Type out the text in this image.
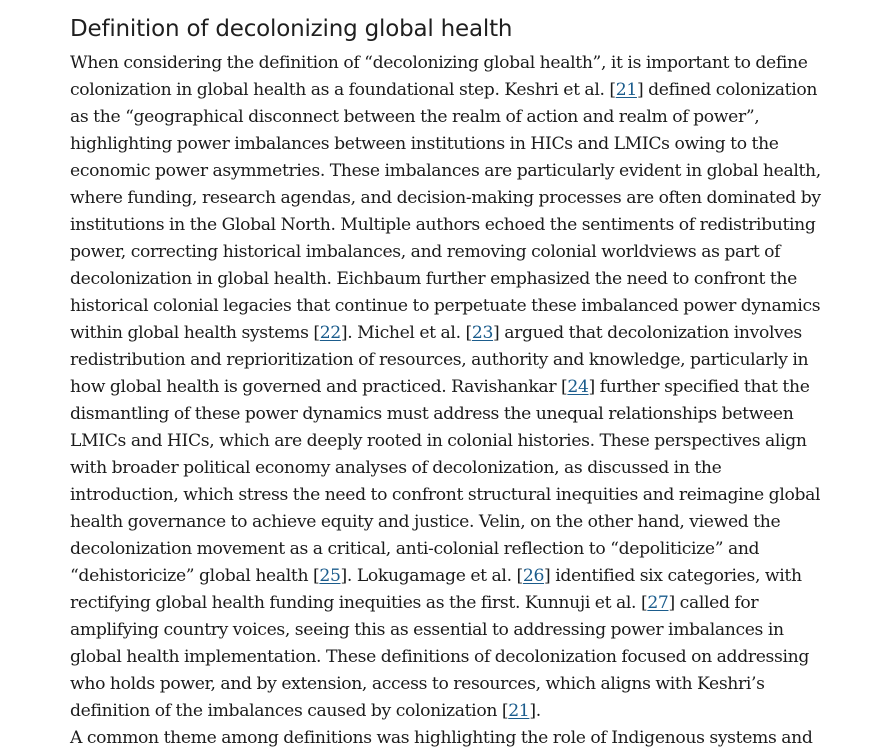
Definition of decolonizing global health

When considering the definition of “decolonizing global health”, it is important to define colonization in global health as a foundational step. Keshri et al. [21] defined colonization as the “geographical disconnect between the realm of action and realm of power”, highlighting power imbalances between institutions in HICs and LMICs owing to the economic power asymmetries. These imbalances are particularly evident in global health, where funding, research agendas, and decision-making processes are often dominated by institutions in the Global North. Multiple authors echoed the sentiments of redistributing power, correcting historical imbalances, and removing colonial worldviews as part of decolonization in global health. Eichbaum further emphasized the need to confront the historical colonial legacies that continue to perpetuate these imbalanced power dynamics within global health systems [22]. Michel et al. [23] argued that decolonization involves redistribution and reprioritization of resources, authority and knowledge, particularly in how global health is governed and practiced. Ravishankar [24] further specified that the dismantling of these power dynamics must address the unequal relationships between LMICs and HICs, which are deeply rooted in colonial histories. These perspectives align with broader political economy analyses of decolonization, as discussed in the introduction, which stress the need to confront structural inequities and reimagine global health governance to achieve equity and justice. Velin, on the other hand, viewed the decolonization movement as a critical, anti-colonial reflection to “depoliticize” and “dehistoricize” global health [25]. Lokugamage et al. [26] identified six categories, with rectifying global health funding inequities as the first. Kunnuji et al. [27] called for amplifying country voices, seeing this as essential to addressing power imbalances in global health implementation. These definitions of decolonization focused on addressing who holds power, and by extension, access to resources, which aligns with Keshri’s definition of the imbalances caused by colonization [21].

A common theme among definitions was highlighting the role of Indigenous systems and
